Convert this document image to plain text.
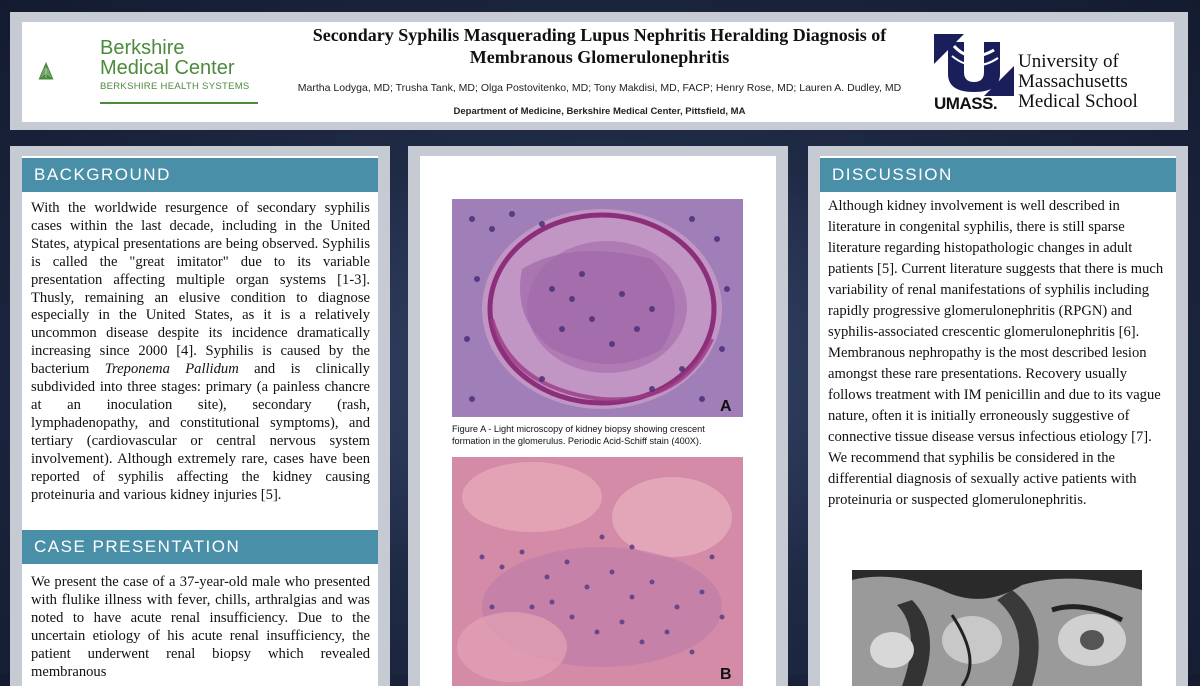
Berkshire
Medical Center
BERKSHIRE HEALTH SYSTEMS
Secondary Syphilis Masquerading Lupus Nephritis Heralding Diagnosis of
Membranous Glomerulonephritis
Martha Lodyga, MD; Trusha Tank, MD; Olga Postovitenko, MD; Tony Makdisi, MD, FACP; Henry Rose, MD; Lauren A. Dudley, MD
Department of Medicine, Berkshire Medical Center, Pittsfield, MA	UMASS.
University of
Massachusetts
Medical School
BACKGROUND
With the worldwide resurgence of secondary syphilis cases within the last decade, including in the United States, atypical presentations are being observed. Syphilis is called the "great imitator" due to its variable presentation affecting multiple organ systems [1-3]. Thusly, remaining an elusive condition to diagnose especially in the United States, as it is a relatively uncommon disease despite its incidence dramatically increasing since 2000 [4]. Syphilis is caused by the bacterium Treponema Pallidum and is clinically subdivided into three stages: primary (a painless chancre at an inoculation site), secondary (rash, lymphadenopathy, and constitutional symptoms), and tertiary (cardiovascular or central nervous system involvement). Although extremely rare, cases have been reported of syphilis affecting the kidney causing proteinuria and various kidney injuries [5].
CASE PRESENTATION
We present the case of a 37-year-old male who presented with flulike illness with fever, chills, arthralgias and was noted to have acute renal insufficiency. Due to the uncertain etiology of his acute renal insufficiency, the patient underwent renal biopsy which revealed membranous
A
Figure A - Light microscopy of kidney biopsy showing crescent
formation in the glomerulus. Periodic Acid-Schiff stain (400X).
B
DISCUSSION
Although kidney involvement is well described in literature in congenital syphilis, there is still sparse literature regarding histopathologic changes in adult patients [5]. Current literature suggests that there is much variability of renal manifestations of syphilis including rapidly progressive glomerulonephritis (RPGN) and syphilis-associated crescentic glomerulonephritis [6]. Membranous nephropathy is the most described lesion amongst these rare presentations. Recovery usually follows treatment with IM penicillin and due to its vague nature, often it is initially erroneously suggestive of connective tissue disease versus infectious etiology [7]. We recommend that syphilis be considered in the differential diagnosis of sexually active patients with proteinuria or suspected glomerulonephritis.
